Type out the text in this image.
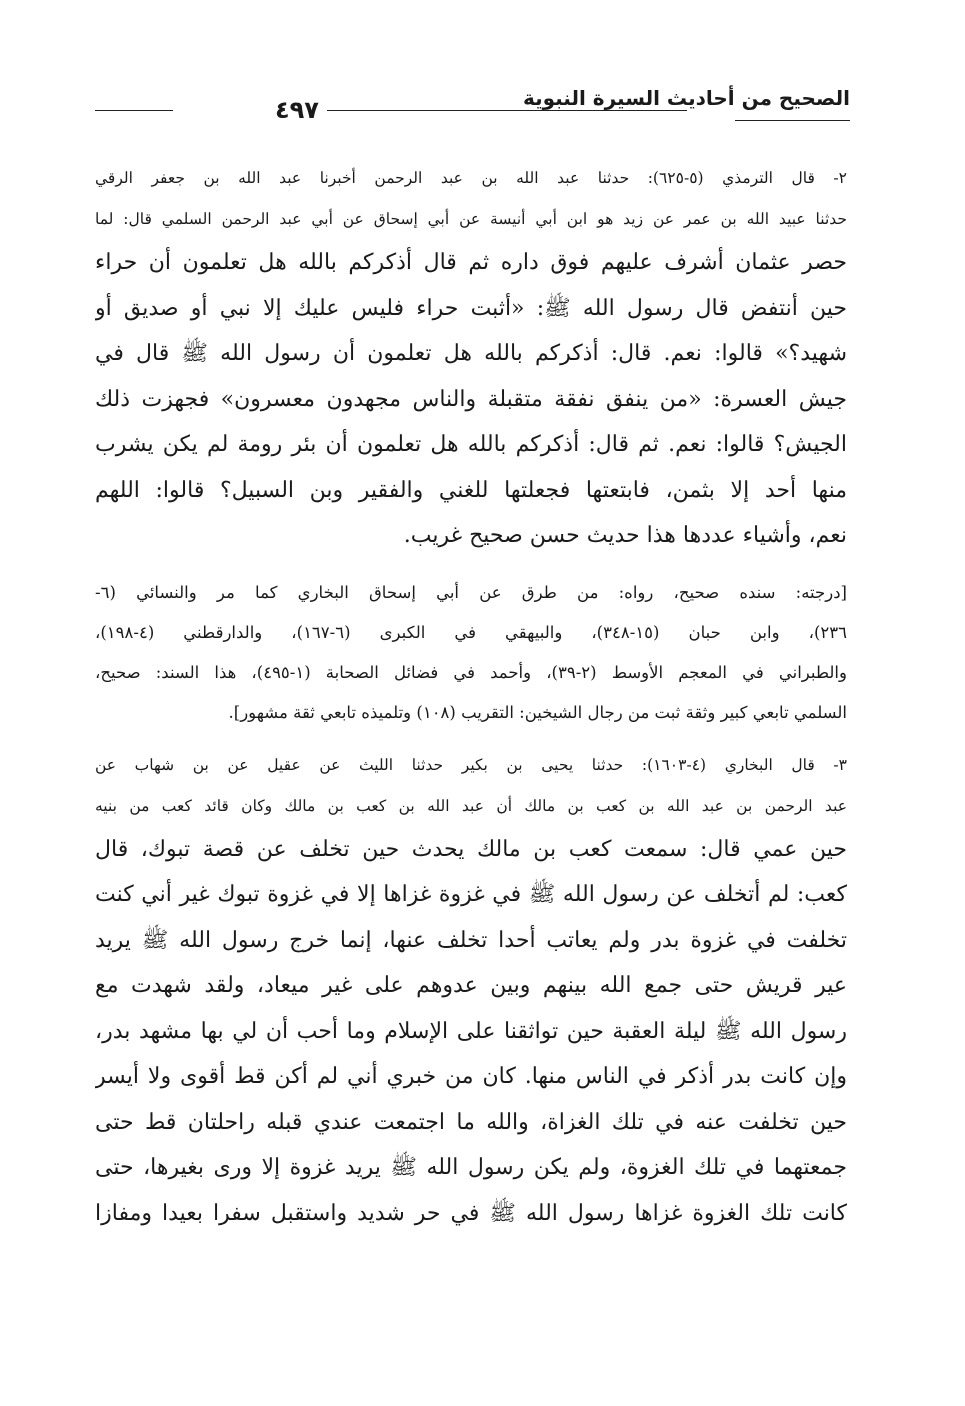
الصحيح من أحاديث السيرة النبوية
٤٩٧
٢- قال الترمذي (٥-٦٢٥): حدثنا عبد الله بن عبد الرحمن أخبرنا عبد الله بن جعفر الرقي
حدثنا عبيد الله بن عمر عن زيد هو ابن أبي أنيسة عن أبي إسحاق عن أبي عبد الرحمن السلمي قال: لما
حصر عثمان أشرف عليهم فوق داره ثم قال أذكركم بالله هل تعلمون أن حراء
حين أنتفض قال رسول الله ﷺ: «أثبت حراء فليس عليك إلا نبي أو صديق أو
شهيد؟» قالوا: نعم. قال: أذكركم بالله هل تعلمون أن رسول الله ﷺ قال في
جيش العسرة: «من ينفق نفقة متقبلة والناس مجهدون معسرون» فجهزت ذلك
الجيش؟ قالوا: نعم. ثم قال: أذكركم بالله هل تعلمون أن بئر رومة لم يكن يشرب
منها أحد إلا بثمن، فابتعتها فجعلتها للغني والفقير وبن السبيل؟ قالوا: اللهم
نعم، وأشياء عددها هذا حديث حسن صحيح غريب.
[درجته: سنده صحيح، رواه: من طرق عن أبي إسحاق البخاري كما مر والنسائي (٦-
٢٣٦)، وابن حبان (١٥-٣٤٨)، والبيهقي في الكبرى (٦-١٦٧)، والدارقطني (٤-١٩٨)،
والطبراني في المعجم الأوسط (٢-٣٩)، وأحمد في فضائل الصحابة (١-٤٩٥)، هذا السند: صحيح،
السلمي تابعي كبير وثقة ثبت من رجال الشيخين: التقريب (١٠٨) وتلميذه تابعي ثقة مشهور].
٣- قال البخاري (٤-١٦٠٣): حدثنا يحيى بن بكير حدثنا الليث عن عقيل عن بن شهاب عن
عبد الرحمن بن عبد الله بن كعب بن مالك أن عبد الله بن كعب بن مالك وكان قائد كعب من بنيه
حين عمي قال: سمعت كعب بن مالك يحدث حين تخلف عن قصة تبوك، قال
كعب: لم أتخلف عن رسول الله ﷺ في غزوة غزاها إلا في غزوة تبوك غير أني كنت
تخلفت في غزوة بدر ولم يعاتب أحدا تخلف عنها، إنما خرج رسول الله ﷺ يريد
عير قريش حتى جمع الله بينهم وبين عدوهم على غير ميعاد، ولقد شهدت مع
رسول الله ﷺ ليلة العقبة حين تواثقنا على الإسلام وما أحب أن لي بها مشهد بدر،
وإن كانت بدر أذكر في الناس منها. كان من خبري أني لم أكن قط أقوى ولا أيسر
حين تخلفت عنه في تلك الغزاة، والله ما اجتمعت عندي قبله راحلتان قط حتى
جمعتهما في تلك الغزوة، ولم يكن رسول الله ﷺ يريد غزوة إلا ورى بغيرها، حتى
كانت تلك الغزوة غزاها رسول الله ﷺ في حر شديد واستقبل سفرا بعيدا ومفازا
